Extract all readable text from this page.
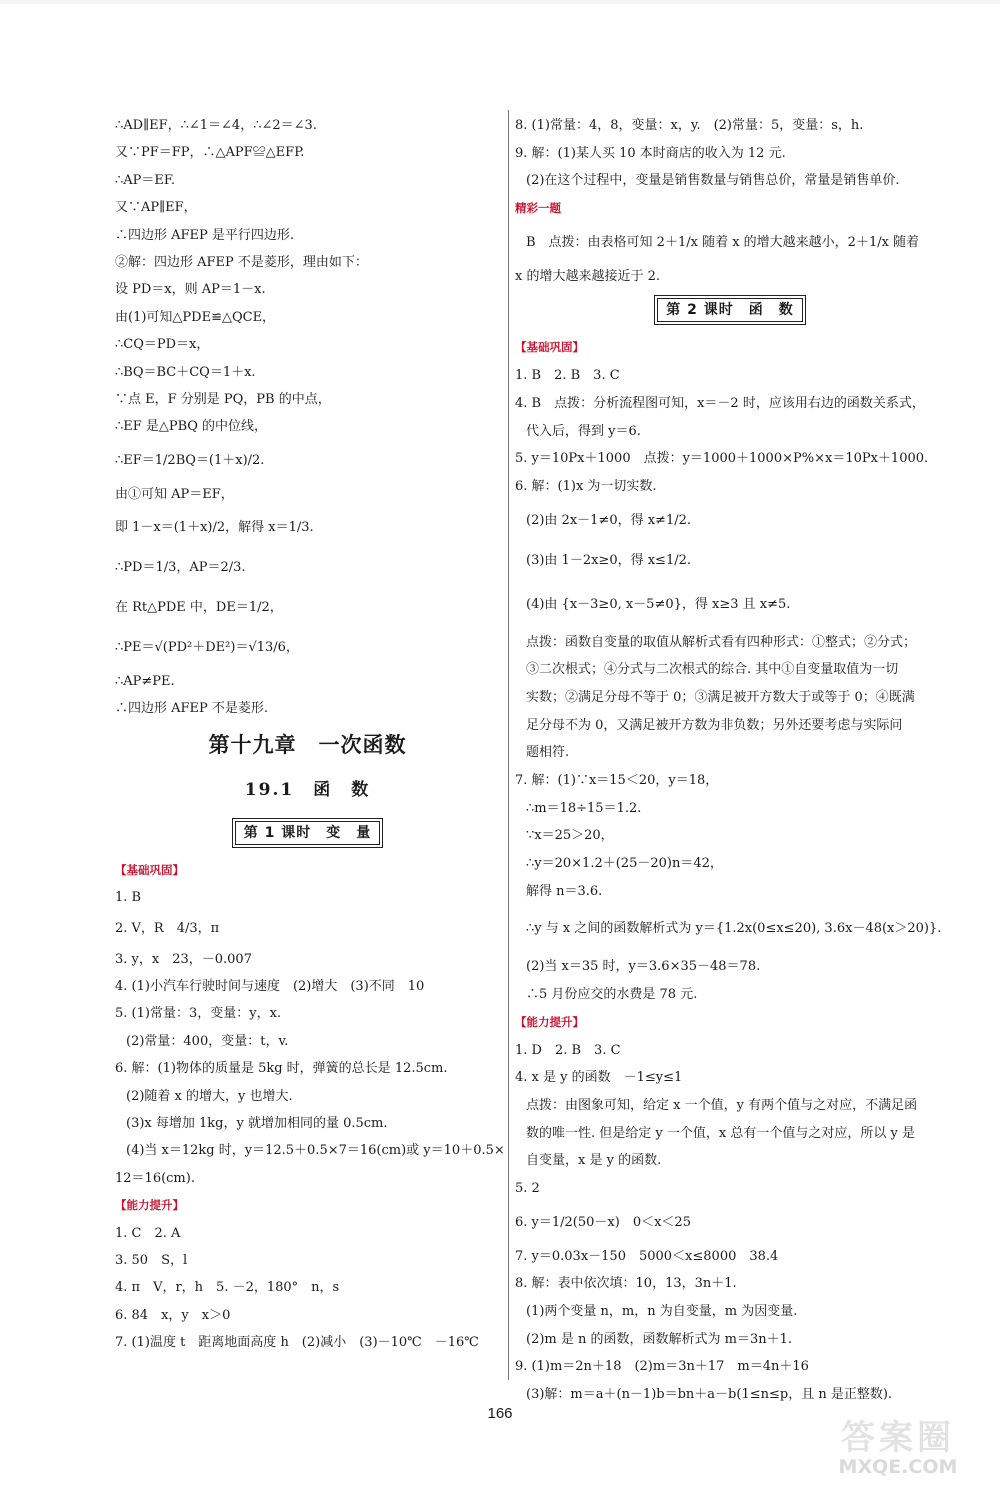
∴AD∥EF，∴∠1＝∠4，∴∠2＝∠3.
又∵PF＝FP，∴△APF≌△EFP.
∴AP＝EF.
又∵AP∥EF，
∴四边形 AFEP 是平行四边形.
②解：四边形 AFEP 不是菱形，理由如下：
设 PD＝x，则 AP＝1－x.
由(1)可知△PDE≌△QCE，
∴CQ＝PD＝x，
∴BQ＝BC＋CQ＝1＋x.
∵点 E，F 分别是 PQ，PB 的中点，
∴EF 是△PBQ 的中位线，
∴EF＝1/2BQ＝(1＋x)/2.
由①可知 AP＝EF，
即 1－x＝(1＋x)/2，解得 x＝1/3.
∴PD＝1/3，AP＝2/3.
在 Rt△PDE 中，DE＝1/2，
∴PE＝√(PD²＋DE²)＝√13/6，
∴AP≠PE.
∴四边形 AFEP 不是菱形.
第十九章　一次函数
19.1　函　数
第 1 课时　变　量
【基础巩固】
1. B
2. V，R　4/3，π
3. y，x　23，－0.007
4. (1)小汽车行驶时间与速度　(2)增大　(3)不同　10
5. (1)常量：3，变量：y，x.
(2)常量：400，变量：t，v.
6. 解：(1)物体的质量是 5kg 时，弹簧的总长是 12.5cm.
(2)随着 x 的增大，y 也增大.
(3)x 每增加 1kg，y 就增加相同的量 0.5cm.
(4)当 x＝12kg 时，y＝12.5＋0.5×7＝16(cm)或 y＝10＋0.5×
12＝16(cm).
【能力提升】
1. C　2. A
3. 50　S，l
4. π　V，r，h　5. －2，180°　n，s
6. 84　x，y　x＞0
7. (1)温度 t　距离地面高度 h　(2)减小　(3)－10℃　－16℃
8. (1)常量：4，8，变量：x，y.　(2)常量：5，变量：s，h.
9. 解：(1)某人买 10 本时商店的收入为 12 元.
(2)在这个过程中，变量是销售数量与销售总价，常量是销售单价.
精彩一题
B　点拨：由表格可知 2＋1/x 随着 x 的增大越来越小，2＋1/x 随着
x 的增大越来越接近于 2.
第 2 课时　函　数
【基础巩固】
1. B　2. B　3. C
4. B　点拨：分析流程图可知，x＝－2 时，应该用右边的函数关系式，
代入后，得到 y＝6.
5. y＝10Px＋1000　点拨：y＝1000＋1000×P%×x＝10Px＋1000.
6. 解：(1)x 为一切实数.
(2)由 2x－1≠0，得 x≠1/2.
(3)由 1－2x≥0，得 x≤1/2.
(4)由 {x－3≥0, x－5≠0}，得 x≥3 且 x≠5.
点拨：函数自变量的取值从解析式看有四种形式：①整式；②分式；
③二次根式；④分式与二次根式的综合. 其中①自变量取值为一切
实数；②满足分母不等于 0；③满足被开方数大于或等于 0；④既满
足分母不为 0，又满足被开方数为非负数；另外还要考虑与实际问
题相符.
7. 解：(1)∵x＝15＜20，y＝18，
∴m＝18÷15＝1.2.
∵x＝25＞20，
∴y＝20×1.2＋(25－20)n＝42，
解得 n＝3.6.
∴y 与 x 之间的函数解析式为 y＝{1.2x(0≤x≤20), 3.6x－48(x＞20)}.
(2)当 x＝35 时，y＝3.6×35－48＝78.
∴5 月份应交的水费是 78 元.
【能力提升】
1. D　2. B　3. C
4. x 是 y 的函数　－1≤y≤1
点拨：由图象可知，给定 x 一个值，y 有两个值与之对应，不满足函
数的唯一性. 但是给定 y 一个值，x 总有一个值与之对应，所以 y 是
自变量，x 是 y 的函数.
5. 2
6. y＝1/2(50－x)　0＜x＜25
7. y＝0.03x－150　5000＜x≤8000　38.4
8. 解：表中依次填：10，13，3n＋1.
(1)两个变量 n，m，n 为自变量，m 为因变量.
(2)m 是 n 的函数，函数解析式为 m＝3n＋1.
9. (1)m＝2n＋18　(2)m＝3n＋17　m＝4n＋16
(3)解：m＝a＋(n－1)b＝bn＋a－b(1≤n≤p，且 n 是正整数).
166
答案圈
MXQE.COM
